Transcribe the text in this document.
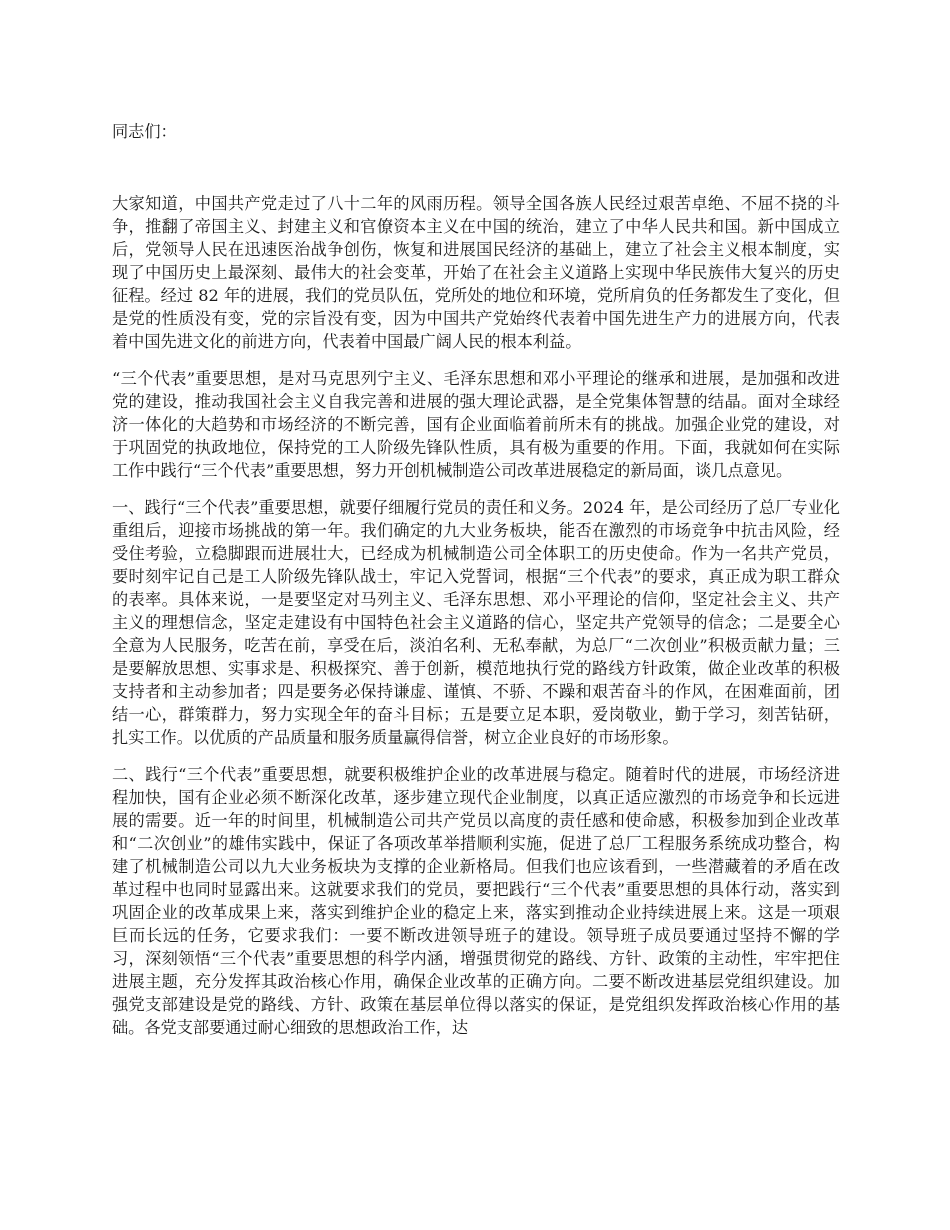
同志们：

大家知道，中国共产党走过了八十二年的风雨历程。领导全国各族人民经过艰苦卓绝、不屈不挠的斗争，推翻了帝国主义、封建主义和官僚资本主义在中国的统治，建立了中华人民共和国。新中国成立后，党领导人民在迅速医治战争创伤，恢复和进展国民经济的基础上，建立了社会主义根本制度，实现了中国历史上最深刻、最伟大的社会变革，开始了在社会主义道路上实现中华民族伟大复兴的历史征程。经过 82 年的进展，我们的党员队伍，党所处的地位和环境，党所肩负的任务都发生了变化，但是党的性质没有变，党的宗旨没有变，因为中国共产党始终代表着中国先进生产力的进展方向，代表着中国先进文化的前进方向，代表着中国最广阔人民的根本利益。

“三个代表”重要思想，是对马克思列宁主义、毛泽东思想和邓小平理论的继承和进展，是加强和改进党的建设，推动我国社会主义自我完善和进展的强大理论武器，是全党集体智慧的结晶。面对全球经济一体化的大趋势和市场经济的不断完善，国有企业面临着前所未有的挑战。加强企业党的建设，对于巩固党的执政地位，保持党的工人阶级先锋队性质，具有极为重要的作用。下面，我就如何在实际工作中践行“三个代表”重要思想，努力开创机械制造公司改革进展稳定的新局面，谈几点意见。

一、践行“三个代表”重要思想，就要仔细履行党员的责任和义务。2024 年，是公司经历了总厂专业化重组后，迎接市场挑战的第一年。我们确定的九大业务板块，能否在激烈的市场竞争中抗击风险，经受住考验，立稳脚跟而进展壮大，已经成为机械制造公司全体职工的历史使命。作为一名共产党员，要时刻牢记自己是工人阶级先锋队战士，牢记入党誓词，根据“三个代表”的要求，真正成为职工群众的表率。具体来说，一是要坚定对马列主义、毛泽东思想、邓小平理论的信仰，坚定社会主义、共产主义的理想信念，坚定走建设有中国特色社会主义道路的信心，坚定共产党领导的信念；二是要全心全意为人民服务，吃苦在前，享受在后，淡泊名利、无私奉献，为总厂“二次创业”积极贡献力量；三是要解放思想、实事求是、积极探究、善于创新，模范地执行党的路线方针政策，做企业改革的积极支持者和主动参加者；四是要务必保持谦虚、谨慎、不骄、不躁和艰苦奋斗的作风，在困难面前，团结一心，群策群力，努力实现全年的奋斗目标；五是要立足本职，爱岗敬业，勤于学习，刻苦钻研，扎实工作。以优质的产品质量和服务质量赢得信誉，树立企业良好的市场形象。

二、践行“三个代表”重要思想，就要积极维护企业的改革进展与稳定。随着时代的进展，市场经济进程加快，国有企业必须不断深化改革，逐步建立现代企业制度，以真正适应激烈的市场竞争和长远进展的需要。近一年的时间里，机械制造公司共产党员以高度的责任感和使命感，积极参加到企业改革和“二次创业”的雄伟实践中，保证了各项改革举措顺利实施，促进了总厂工程服务系统成功整合，构建了机械制造公司以九大业务板块为支撑的企业新格局。但我们也应该看到，一些潜藏着的矛盾在改革过程中也同时显露出来。这就要求我们的党员，要把践行“三个代表”重要思想的具体行动，落实到巩固企业的改革成果上来，落实到维护企业的稳定上来，落实到推动企业持续进展上来。这是一项艰巨而长远的任务，它要求我们：一要不断改进领导班子的建设。领导班子成员要通过坚持不懈的学习，深刻领悟“三个代表”重要思想的科学内涵，增强贯彻党的路线、方针、政策的主动性，牢牢把住进展主题，充分发挥其政治核心作用，确保企业改革的正确方向。二要不断改进基层党组织建设。加强党支部建设是党的路线、方针、政策在基层单位得以落实的保证，是党组织发挥政治核心作用的基础。各党支部要通过耐心细致的思想政治工作，达
